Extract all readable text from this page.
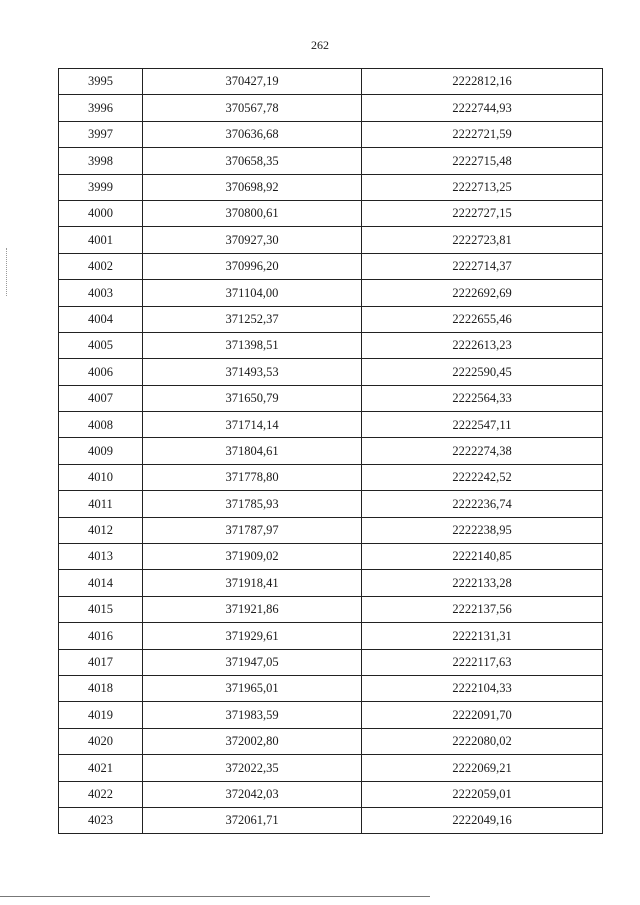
262
3995	370427,19	2222812,16
3996	370567,78	2222744,93
3997	370636,68	2222721,59
3998	370658,35	2222715,48
3999	370698,92	2222713,25
4000	370800,61	2222727,15
4001	370927,30	2222723,81
4002	370996,20	2222714,37
4003	371104,00	2222692,69
4004	371252,37	2222655,46
4005	371398,51	2222613,23
4006	371493,53	2222590,45
4007	371650,79	2222564,33
4008	371714,14	2222547,11
4009	371804,61	2222274,38
4010	371778,80	2222242,52
4011	371785,93	2222236,74
4012	371787,97	2222238,95
4013	371909,02	2222140,85
4014	371918,41	2222133,28
4015	371921,86	2222137,56
4016	371929,61	2222131,31
4017	371947,05	2222117,63
4018	371965,01	2222104,33
4019	371983,59	2222091,70
4020	372002,80	2222080,02
4021	372022,35	2222069,21
4022	372042,03	2222059,01
4023	372061,71	2222049,16
